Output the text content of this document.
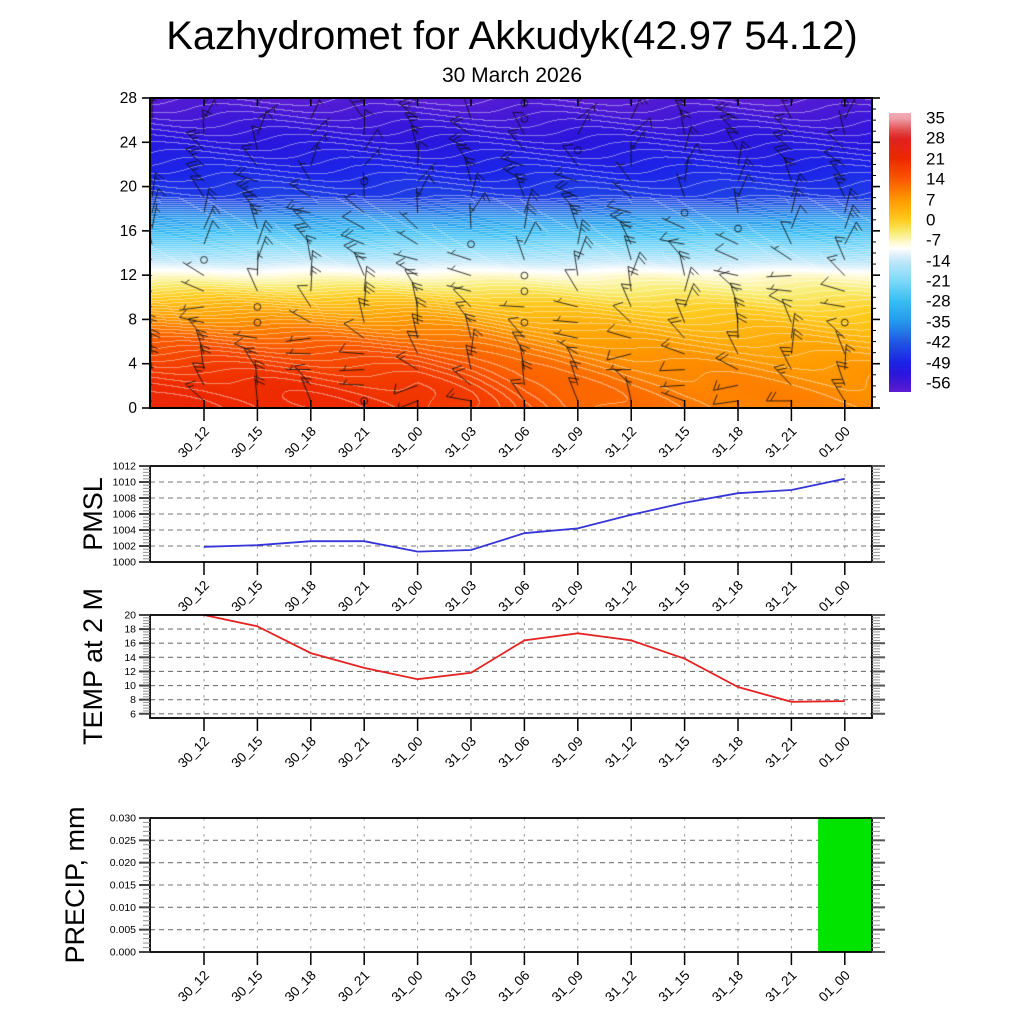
Kazhydromet for Akkudyk(42.97 54.12)
30 March 2026
35
28
21
14
7
0
-7
-14
-21
-28
-35
-42
-49
-56
0
4
8
12
16
20
24
28
30_12 30_15 30_18 30_21 31_00 31_03 31_06 31_09 31_12 31_15 31_18 31_21 01_00
1000
1002
1004
1006
1008
1010
1012
30_12 30_15 30_18 30_21 31_00 31_03 31_06 31_09 31_12 31_15 31_18 31_21 01_00
PMSL
6
8
10
12
14
16
18
20
30_12 30_15 30_18 30_21 31_00 31_03 31_06 31_09 31_12 31_15 31_18 31_21 01_00
TEMP at 2 M
0.000
0.005
0.010
0.015
0.020
0.025
0.030
30_12 30_15 30_18 30_21 31_00 31_03 31_06 31_09 31_12 31_15 31_18 31_21 01_00
PRECIP, mm
